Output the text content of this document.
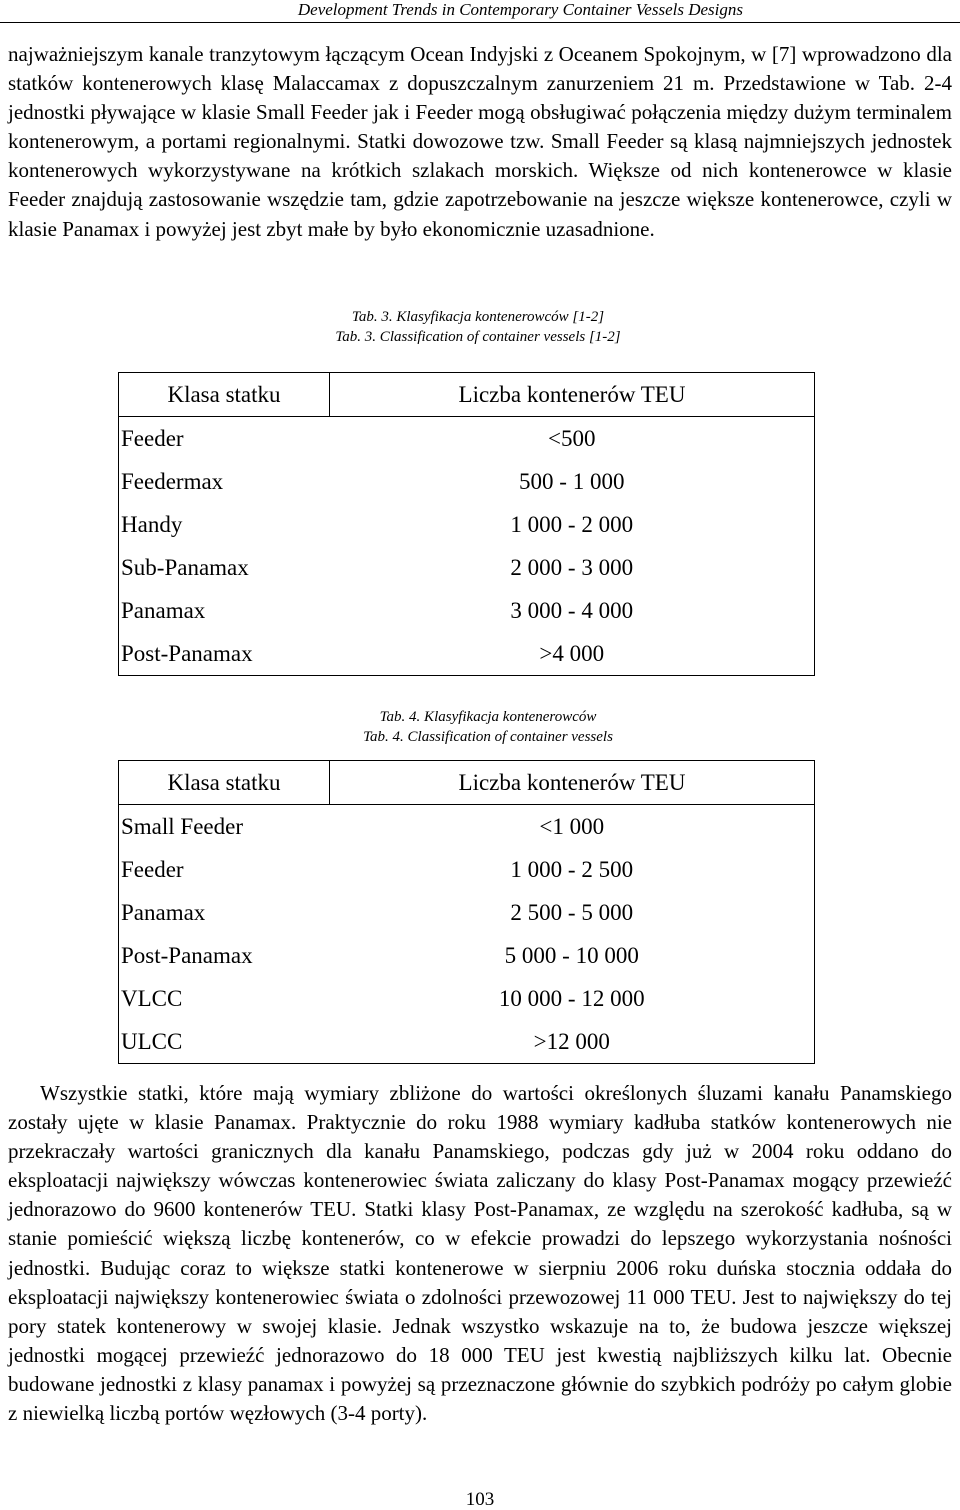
Development Trends in Contemporary Container Vessels Designs

najważniejszym kanale tranzytowym łączącym Ocean Indyjski z Oceanem Spokojnym, w [7] wprowadzono dla statków kontenerowych klasę Malaccamax z dopuszczalnym zanurzeniem 21 m. Przedstawione w Tab. 2-4 jednostki pływające w klasie Small Feeder jak i Feeder mogą obsługiwać połączenia między dużym terminalem kontenerowym, a portami regionalnymi. Statki dowozowe tzw. Small Feeder są klasą najmniejszych jednostek kontenerowych wykorzystywane na krótkich szlakach morskich. Większe od nich kontenerowce w klasie Feeder znajdują zastosowanie wszędzie tam, gdzie zapotrzebowanie na jeszcze większe kontenerowce, czyli w klasie Panamax i powyżej jest zbyt małe by było ekonomicznie uzasadnione.

Tab. 3. Klasyfikacja kontenerowców [1-2]
Tab. 3. Classification of container vessels [1-2]
Klasa statku	Liczba kontenerów TEU
Feeder	<500
Feedermax	500 - 1 000
Handy	1 000 - 2 000
Sub-Panamax	2 000 - 3 000
Panamax	3 000 - 4 000
Post-Panamax	>4 000
Tab. 4. Klasyfikacja kontenerowców
Tab. 4. Classification of container vessels
Klasa statku	Liczba kontenerów TEU
Small Feeder	<1 000
Feeder	1 000 - 2 500
Panamax	2 500 - 5 000
Post-Panamax	5 000 - 10 000
VLCC	10 000 - 12 000
ULCC	>12 000

Wszystkie statki, które mają wymiary zbliżone do wartości określonych śluzami kanału Panamskiego zostały ujęte w klasie Panamax. Praktycznie do roku 1988 wymiary kadłuba statków kontenerowych nie przekraczały wartości granicznych dla kanału Panamskiego, podczas gdy już w 2004 roku oddano do eksploatacji największy wówczas kontenerowiec świata zaliczany do klasy Post-Panamax mogący przewieźć jednorazowo do 9600 kontenerów TEU. Statki klasy Post-Panamax, ze względu na szerokość kadłuba, są w stanie pomieścić większą liczbę kontenerów, co w efekcie prowadzi do lepszego wykorzystania nośności jednostki. Budując coraz to większe statki kontenerowe w sierpniu 2006 roku duńska stocznia oddała do eksploatacji największy kontenerowiec świata o zdolności przewozowej 11 000 TEU. Jest to największy do tej pory statek kontenerowy w swojej klasie. Jednak wszystko wskazuje na to, że budowa jeszcze większej jednostki mogącej przewieźć jednorazowo do 18 000 TEU jest kwestią najbliższych kilku lat. Obecnie budowane jednostki z klasy panamax i powyżej są przeznaczone głównie do szybkich podróży po całym globie z niewielką liczbą portów węzłowych (3-4 porty).

103
